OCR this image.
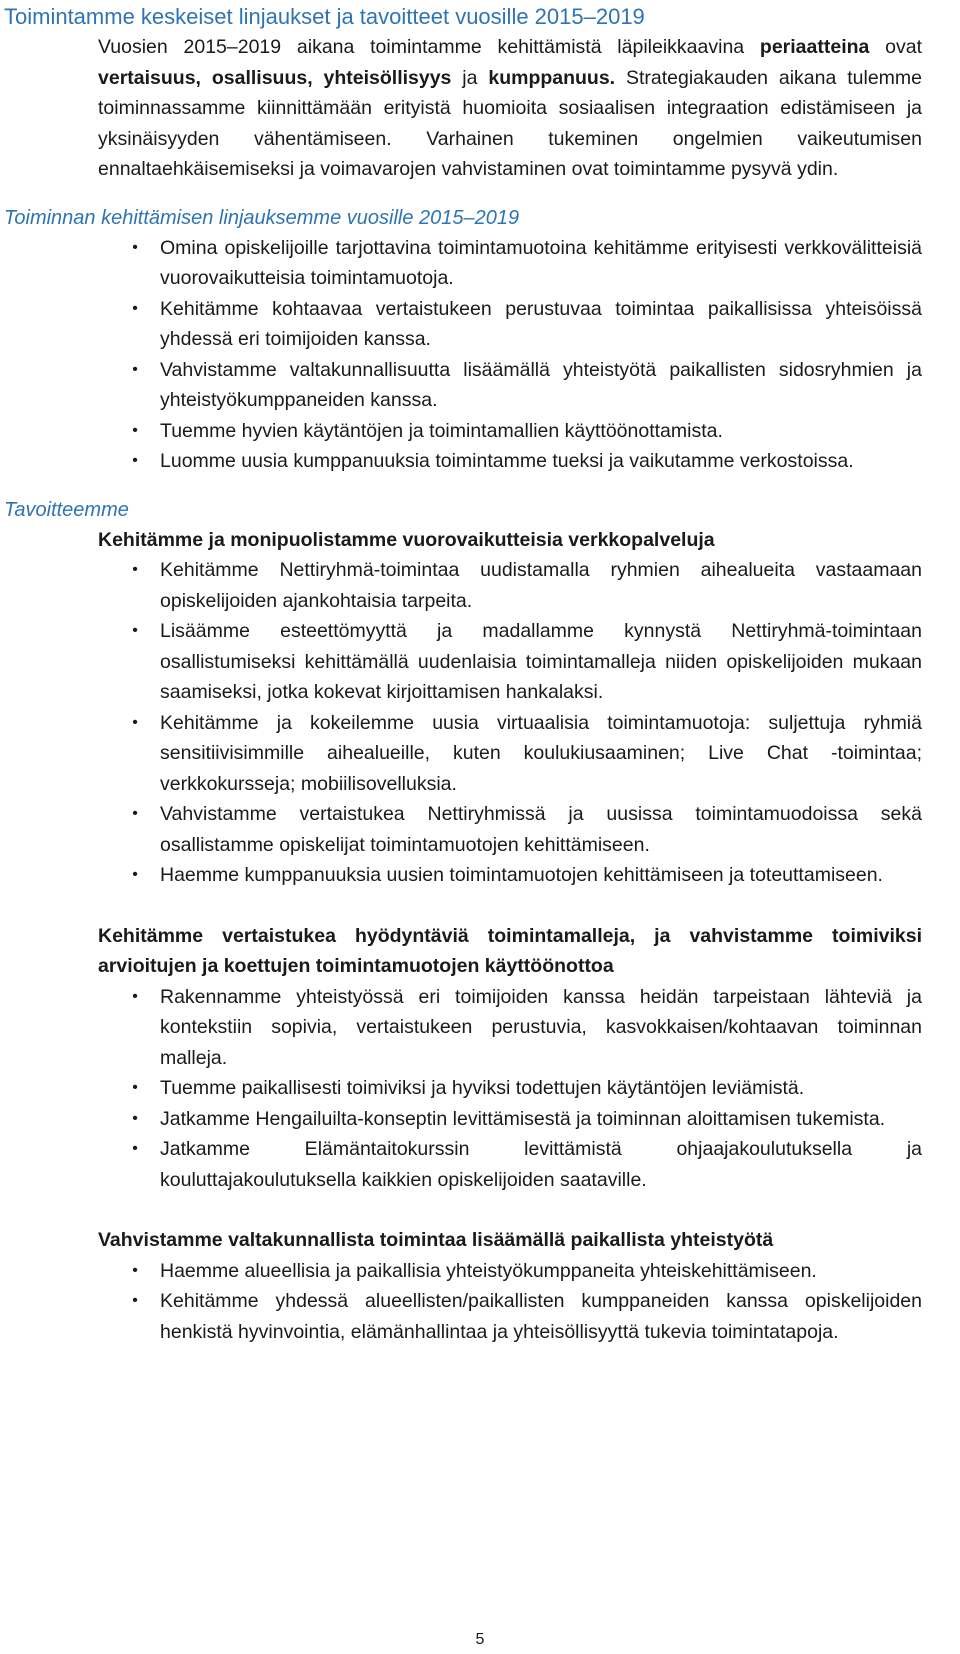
Toimintamme keskeiset linjaukset ja tavoitteet vuosille 2015–2019

Vuosien 2015–2019 aikana toimintamme kehittämistä läpileikkaavina periaatteina ovat vertaisuus, osallisuus, yhteisöllisyys ja kumppanuus. Strategiakauden aikana tulemme toiminnassamme kiinnittämään erityistä huomioita sosiaalisen integraation edistämiseen ja yksinäisyyden vähentämiseen. Varhainen tukeminen ongelmien vaikeutumisen ennaltaehkäisemiseksi ja voimavarojen vahvistaminen ovat toimintamme pysyvä ydin.

Toiminnan kehittämisen linjauksemme vuosille 2015–2019
• Omina opiskelijoille tarjottavina toimintamuotoina kehitämme erityisesti verkkovälitteisiä vuorovaikutteisia toimintamuotoja.
• Kehitämme kohtaavaa vertaistukeen perustuvaa toimintaa paikallisissa yhteisöissä yhdessä eri toimijoiden kanssa.
• Vahvistamme valtakunnallisuutta lisäämällä yhteistyötä paikallisten sidosryhmien ja yhteistyökumppaneiden kanssa.
• Tuemme hyvien käytäntöjen ja toimintamallien käyttöönottamista.
• Luomme uusia kumppanuuksia toimintamme tueksi ja vaikutamme verkostoissa.
Tavoitteemme
Kehitämme ja monipuolistamme vuorovaikutteisia verkkopalveluja
• Kehitämme Nettiryhmä-toimintaa uudistamalla ryhmien aihealueita vastaamaan opiskelijoiden ajankohtaisia tarpeita.
• Lisäämme esteettömyyttä ja madallamme kynnystä Nettiryhmä-toimintaan osallistumiseksi kehittämällä uudenlaisia toimintamalleja niiden opiskelijoiden mukaan saamiseksi, jotka kokevat kirjoittamisen hankalaksi.
• Kehitämme ja kokeilemme uusia virtuaalisia toimintamuotoja: suljettuja ryhmiä sensitiivisimmille aihealueille, kuten koulukiusaaminen; Live Chat -toimintaa; verkkokursseja; mobiilisovelluksia.
• Vahvistamme vertaistukea Nettiryhmissä ja uusissa toimintamuodoissa sekä osallistamme opiskelijat toimintamuotojen kehittämiseen.
• Haemme kumppanuuksia uusien toimintamuotojen kehittämiseen ja toteuttamiseen.
Kehitämme vertaistukea hyödyntäviä toimintamalleja, ja vahvistamme toimiviksi arvioitujen ja koettujen toimintamuotojen käyttöönottoa
• Rakennamme yhteistyössä eri toimijoiden kanssa heidän tarpeistaan lähteviä ja kontekstiin sopivia, vertaistukeen perustuvia, kasvokkaisen/kohtaavan toiminnan malleja.
• Tuemme paikallisesti toimiviksi ja hyviksi todettujen käytäntöjen leviämistä.
• Jatkamme Hengailuilta-konseptin levittämisestä ja toiminnan aloittamisen tukemista.
• Jatkamme Elämäntaitokurssin levittämistä ohjaajakoulutuksella ja kouluttajakoulutuksella kaikkien opiskelijoiden saataville.
Vahvistamme valtakunnallista toimintaa lisäämällä paikallista yhteistyötä
• Haemme alueellisia ja paikallisia yhteistyökumppaneita yhteiskehittämiseen.
• Kehitämme yhdessä alueellisten/paikallisten kumppaneiden kanssa opiskelijoiden henkistä hyvinvointia, elämänhallintaa ja yhteisöllisyyttä tukevia toimintatapoja.
5
